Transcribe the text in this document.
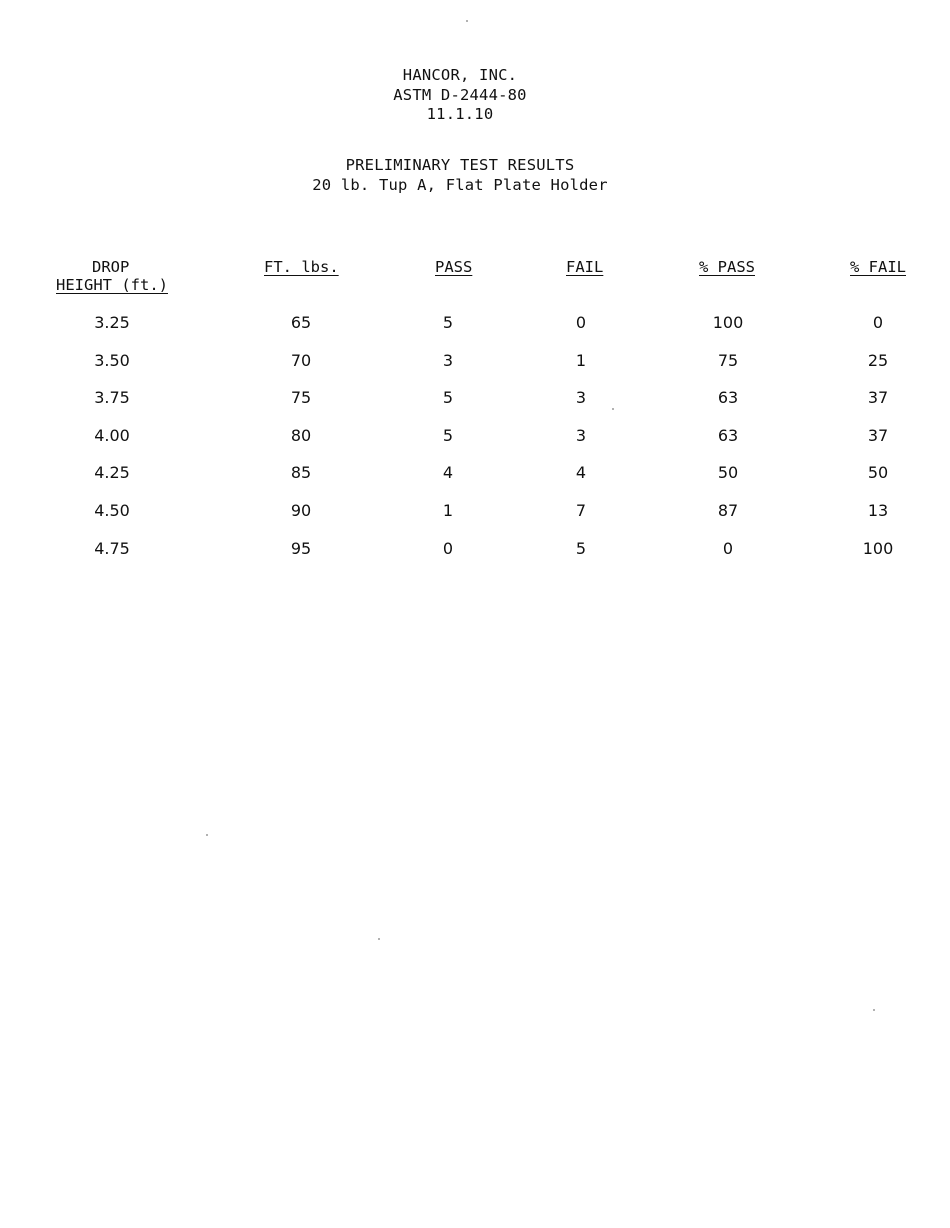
HANCOR, INC.
ASTM D-2444-80
11.1.10
PRELIMINARY TEST RESULTS
20 lb. Tup A, Flat Plate Holder
DROP
HEIGHT (ft.)
FT. lbs.	PASS	FAIL	% PASS	% FAIL
3.25	65	5	0	100	0
3.50	70	3	1	75	25
3.75	75	5	3	63	37
4.00	80	5	3	63	37
4.25	85	4	4	50	50
4.50	90	1	7	87	13
4.75	95	0	5	0	100
